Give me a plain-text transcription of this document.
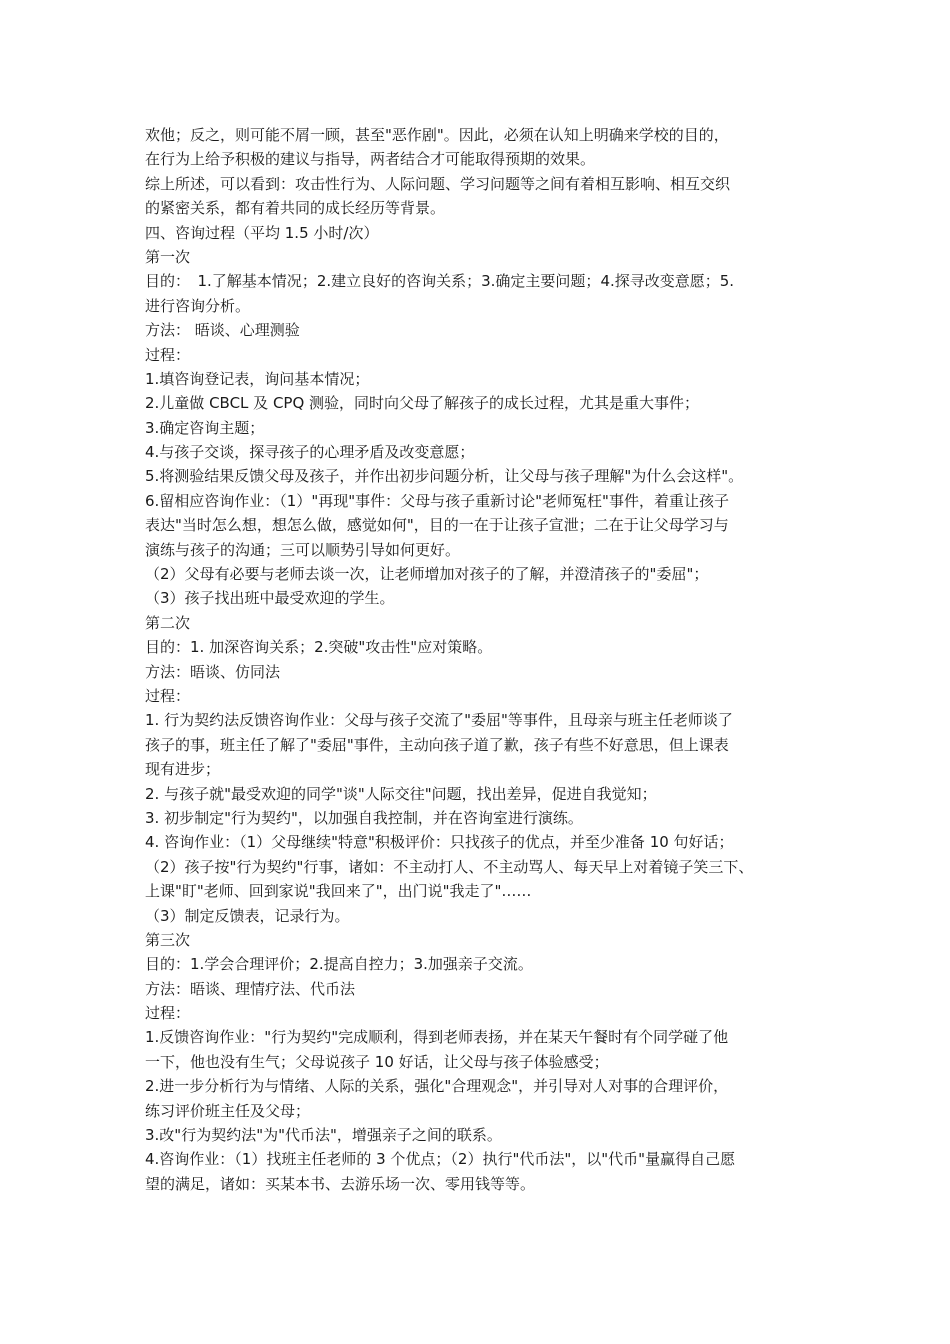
欢他；反之，则可能不屑一顾，甚至"恶作剧"。因此，必须在认知上明确来学校的目的，
在行为上给予积极的建议与指导，两者结合才可能取得预期的效果。
综上所述，可以看到：攻击性行为、人际问题、学习问题等之间有着相互影响、相互交织
的紧密关系，都有着共同的成长经历等背景。
四、咨询过程（平均 1.5 小时/次）
第一次
目的：　1.了解基本情况；2.建立良好的咨询关系；3.确定主要问题；4.探寻改变意愿；5.
进行咨询分析。
方法： 晤谈、心理测验
过程：
1.填咨询登记表，询问基本情况；
2.儿童做 CBCL 及 CPQ 测验，同时向父母了解孩子的成长过程，尤其是重大事件；
3.确定咨询主题；
4.与孩子交谈，探寻孩子的心理矛盾及改变意愿；
5.将测验结果反馈父母及孩子，并作出初步问题分析，让父母与孩子理解"为什么会这样"。
6.留相应咨询作业：（1）"再现"事件：父母与孩子重新讨论"老师冤枉"事件，着重让孩子
表达"当时怎么想，想怎么做，感觉如何"，目的一在于让孩子宣泄；二在于让父母学习与
演练与孩子的沟通；三可以顺势引导如何更好。
（2）父母有必要与老师去谈一次，让老师增加对孩子的了解，并澄清孩子的"委屈"；
（3）孩子找出班中最受欢迎的学生。
第二次
目的：1. 加深咨询关系；2.突破"攻击性"应对策略。
方法：晤谈、仿同法
过程：
1. 行为契约法反馈咨询作业：父母与孩子交流了"委屈"等事件，且母亲与班主任老师谈了
孩子的事，班主任了解了"委屈"事件，主动向孩子道了歉，孩子有些不好意思，但上课表
现有进步；
2. 与孩子就"最受欢迎的同学"谈"人际交往"问题，找出差异，促进自我觉知；
3. 初步制定"行为契约"，以加强自我控制，并在咨询室进行演练。
4. 咨询作业：（1）父母继续"特意"积极评价：只找孩子的优点，并至少准备 10 句好话；
（2）孩子按"行为契约"行事，诸如：不主动打人、不主动骂人、每天早上对着镜子笑三下、
上课"盯"老师、回到家说"我回来了"，出门说"我走了"……
（3）制定反馈表，记录行为。
第三次
目的：1.学会合理评价；2.提高自控力；3.加强亲子交流。
方法：晤谈、理情疗法、代币法
过程：
1.反馈咨询作业："行为契约"完成顺利，得到老师表扬，并在某天午餐时有个同学碰了他
一下，他也没有生气；父母说孩子 10 好话，让父母与孩子体验感受；
2.进一步分析行为与情绪、人际的关系，强化"合理观念"，并引导对人对事的合理评价，
练习评价班主任及父母；
3.改"行为契约法"为"代币法"，增强亲子之间的联系。
4.咨询作业：（1）找班主任老师的 3 个优点；（2）执行"代币法"，以"代币"量赢得自己愿
望的满足，诸如：买某本书、去游乐场一次、零用钱等等。
